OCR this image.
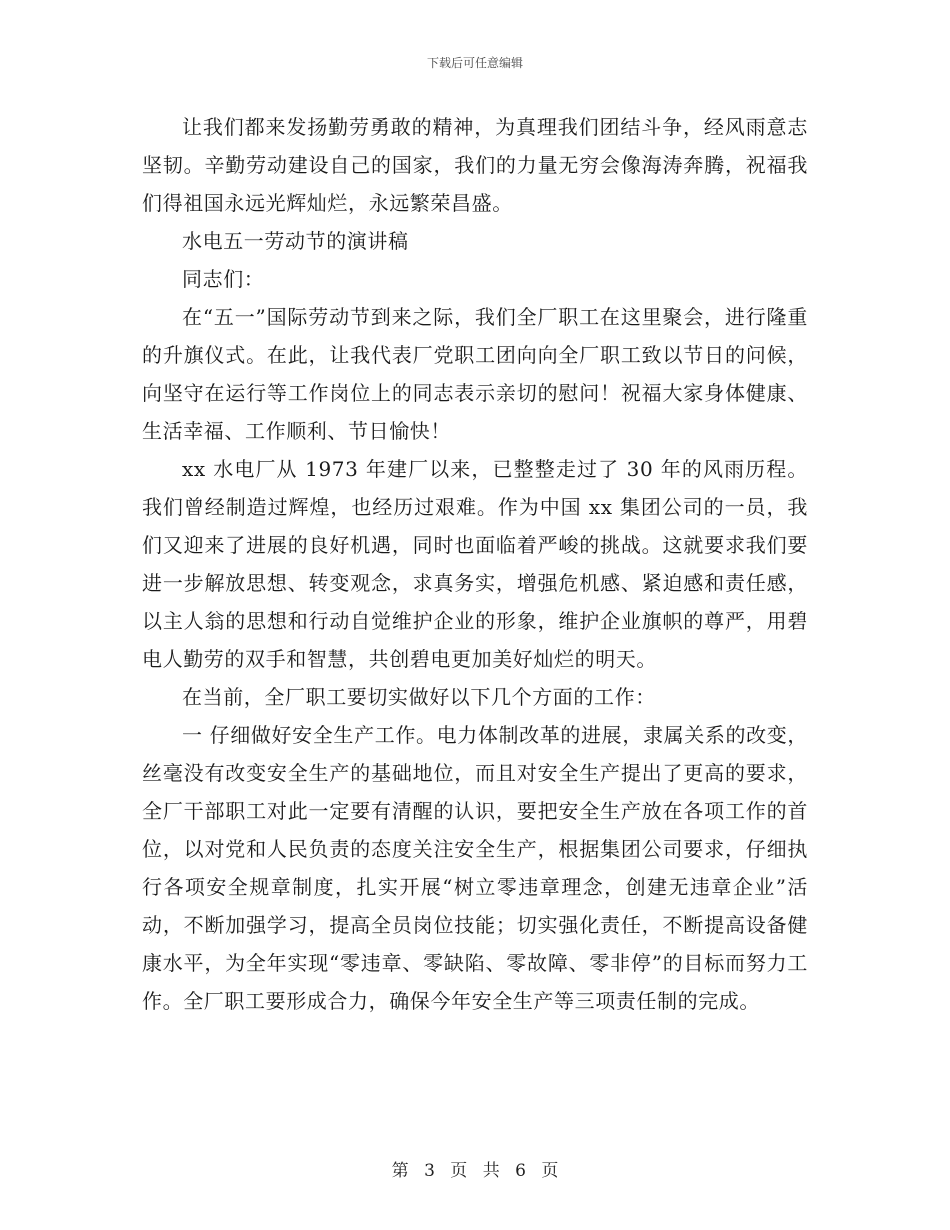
下载后可任意编辑

让我们都来发扬勤劳勇敢的精神，为真理我们团结斗争，经风雨意志坚韧。辛勤劳动建设自己的国家，我们的力量无穷会像海涛奔腾，祝福我们得祖国永远光辉灿烂，永远繁荣昌盛。

水电五一劳动节的演讲稿

同志们：

在“五一”国际劳动节到来之际，我们全厂职工在这里聚会，进行隆重的升旗仪式。在此，让我代表厂党职工团向向全厂职工致以节日的问候，向坚守在运行等工作岗位上的同志表示亲切的慰问！祝福大家身体健康、生活幸福、工作顺利、节日愉快！

xx 水电厂从 1973 年建厂以来，已整整走过了 30 年的风雨历程。我们曾经制造过辉煌，也经历过艰难。作为中国 xx 集团公司的一员，我们又迎来了进展的良好机遇，同时也面临着严峻的挑战。这就要求我们要进一步解放思想、转变观念，求真务实，增强危机感、紧迫感和责任感，以主人翁的思想和行动自觉维护企业的形象，维护企业旗帜的尊严，用碧电人勤劳的双手和智慧，共创碧电更加美好灿烂的明天。

在当前，全厂职工要切实做好以下几个方面的工作：

一 仔细做好安全生产工作。电力体制改革的进展，隶属关系的改变，丝毫没有改变安全生产的基础地位，而且对安全生产提出了更高的要求，全厂干部职工对此一定要有清醒的认识，要把安全生产放在各项工作的首位，以对党和人民负责的态度关注安全生产，根据集团公司要求，仔细执行各项安全规章制度，扎实开展“树立零违章理念，创建无违章企业”活动，不断加强学习，提高全员岗位技能；切实强化责任，不断提高设备健康水平，为全年实现“零违章、零缺陷、零故障、零非停”的目标而努力工作。全厂职工要形成合力，确保今年安全生产等三项责任制的完成。

第 3 页 共 6 页
